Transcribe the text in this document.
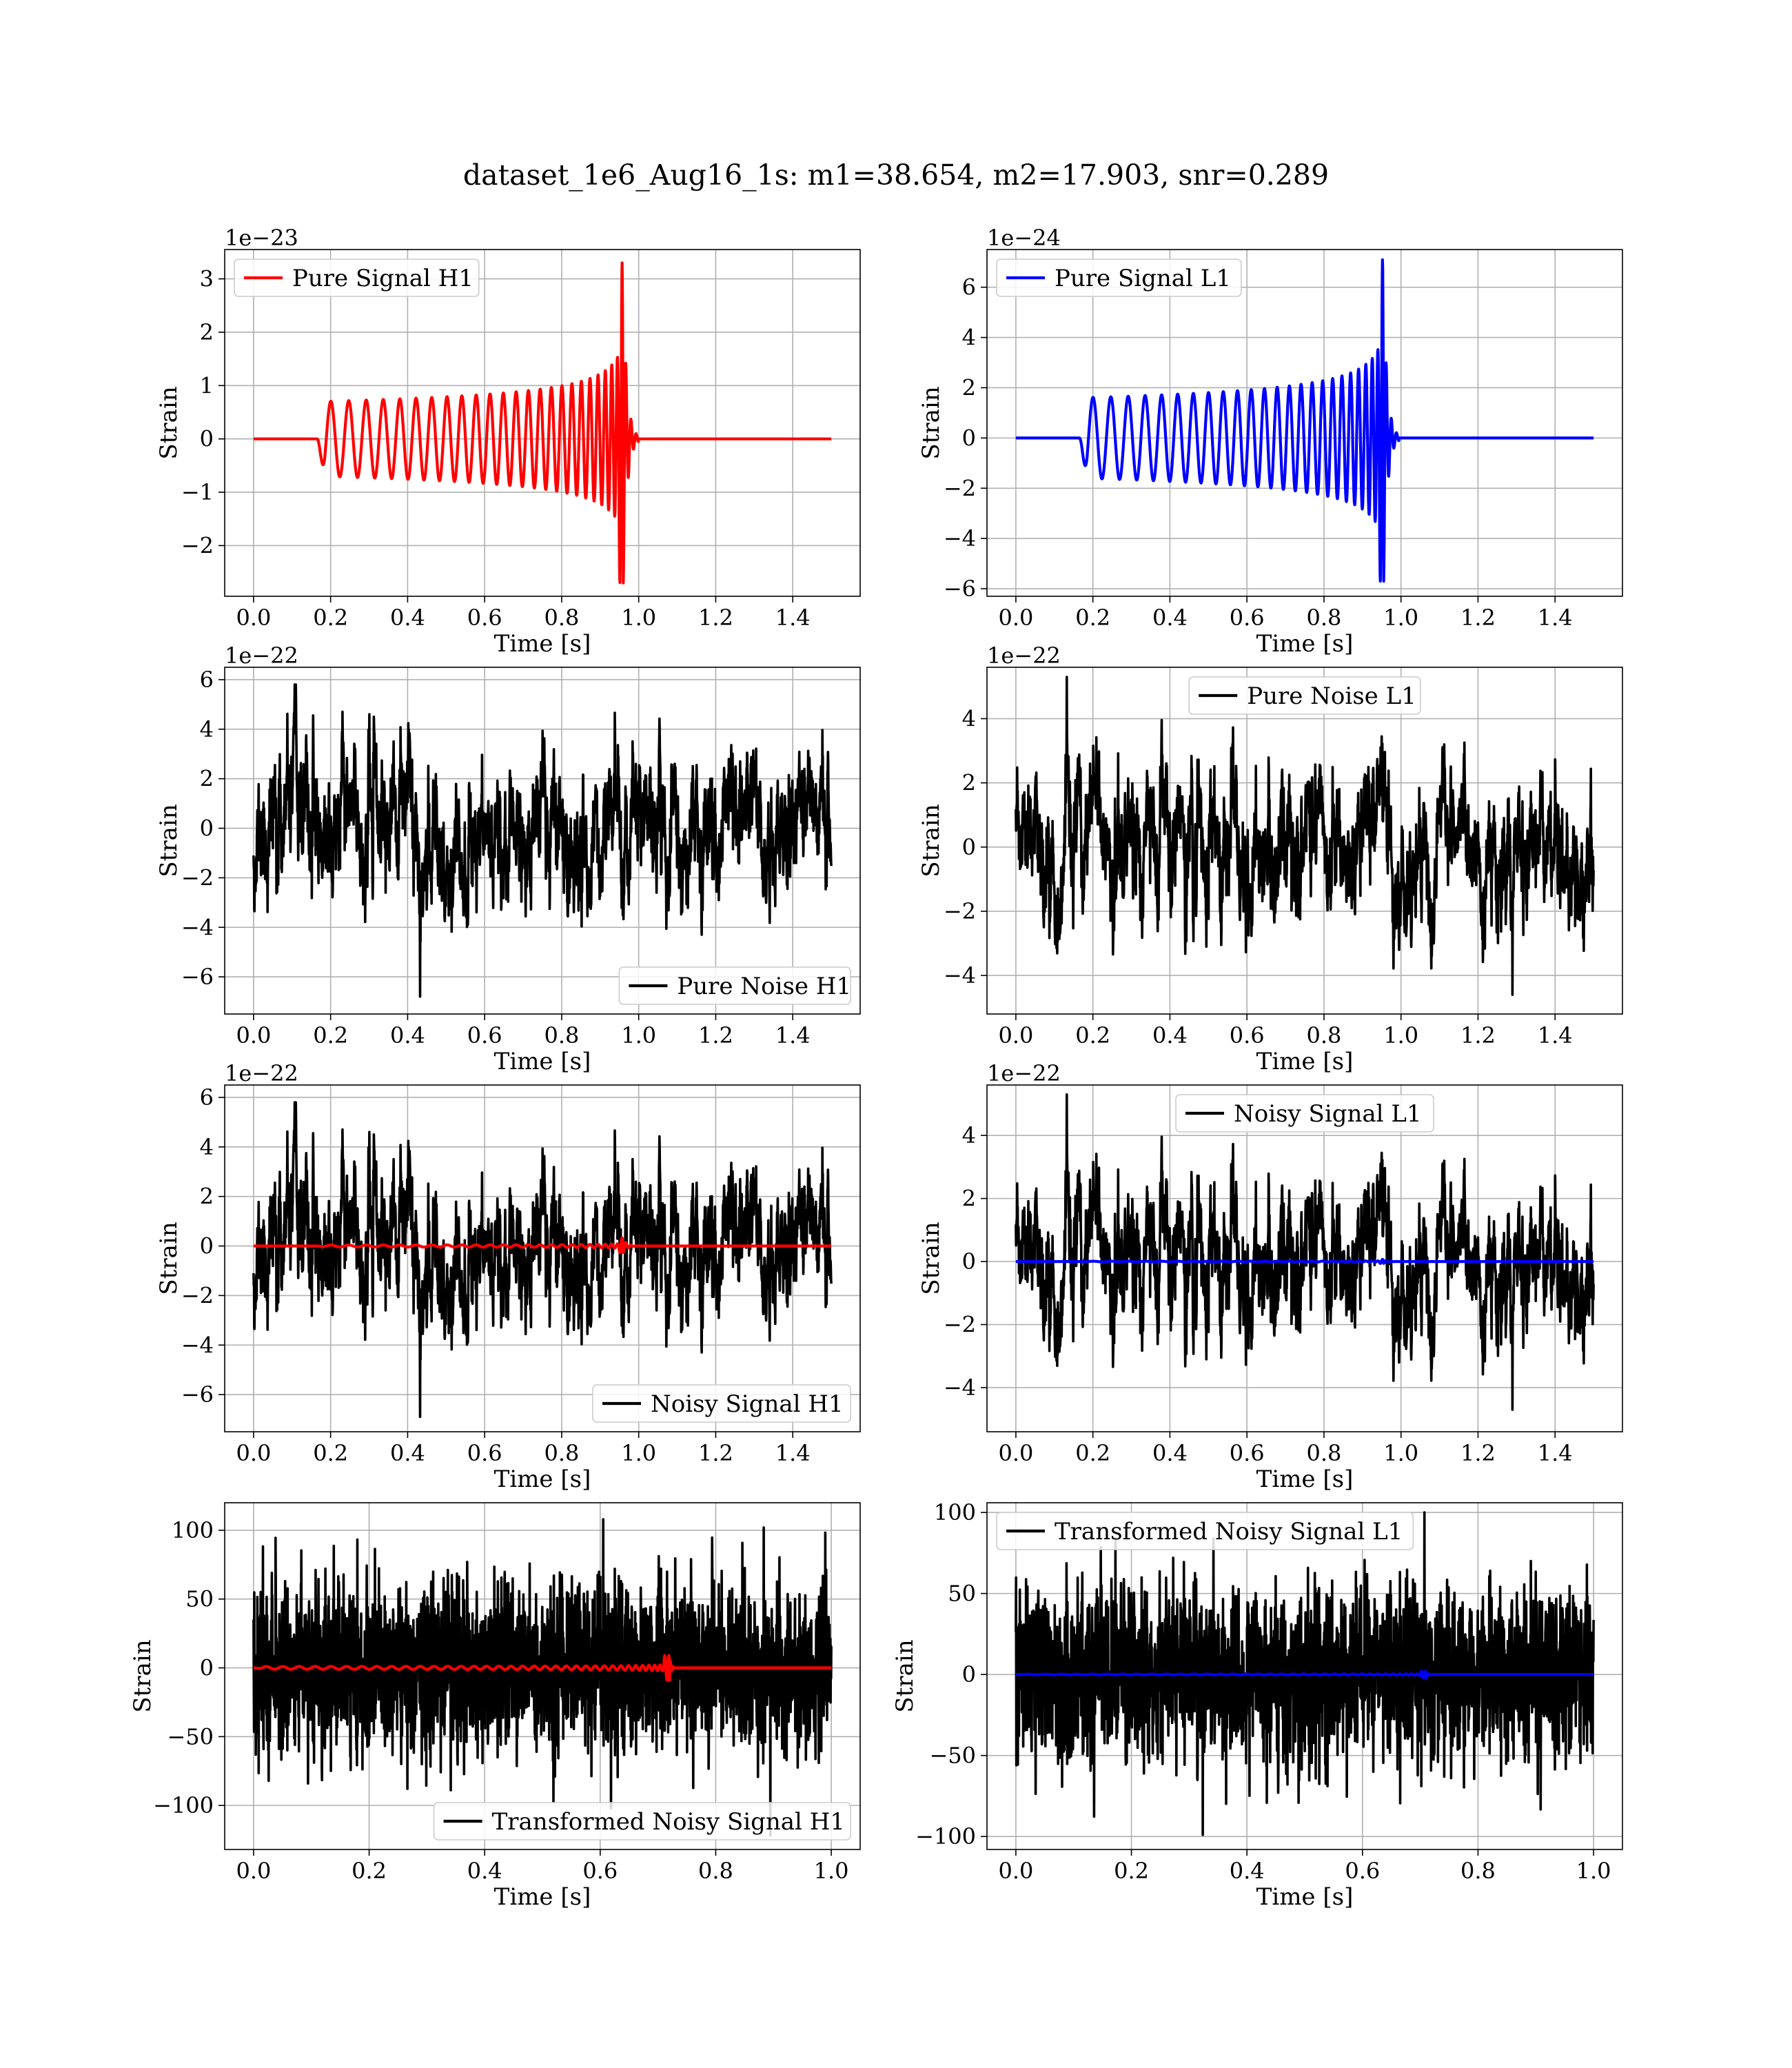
dataset_1e6_Aug16_1s: m1=38.654, m2=17.903, snr=0.289
0.0 0.2 0.4 0.6 0.8 1.0 1.2 1.4
−2
−1
0
1
2
3
Time [s]
Strain
1e−23
Pure Signal H1
0.0 0.2 0.4 0.6 0.8 1.0 1.2 1.4
−6
−4
−2
0
2
4
6
Time [s]
Strain
1e−24
Pure Signal L1
0.0 0.2 0.4 0.6 0.8 1.0 1.2 1.4
−6
−4
−2
0
2
4
6
Time [s]
Strain
1e−22
Pure Noise H1
0.0 0.2 0.4 0.6 0.8 1.0 1.2 1.4
−4
−2
0
2
4
Time [s]
Strain
1e−22
Pure Noise L1
0.0 0.2 0.4 0.6 0.8 1.0 1.2 1.4
−6
−4
−2
0
2
4
6
Time [s]
Strain
1e−22
Noisy Signal H1
0.0 0.2 0.4 0.6 0.8 1.0 1.2 1.4
−4
−2
0
2
4
Time [s]
Strain
1e−22
Noisy Signal L1
0.0	0.2	0.4	0.6	0.8	1.0
−100
−50
0
50
100
Time [s]
Strain
Transformed Noisy Signal H1
0.0	0.2	0.4	0.6	0.8	1.0
−100
−50
0
50
100
Time [s]
Strain
Transformed Noisy Signal L1
